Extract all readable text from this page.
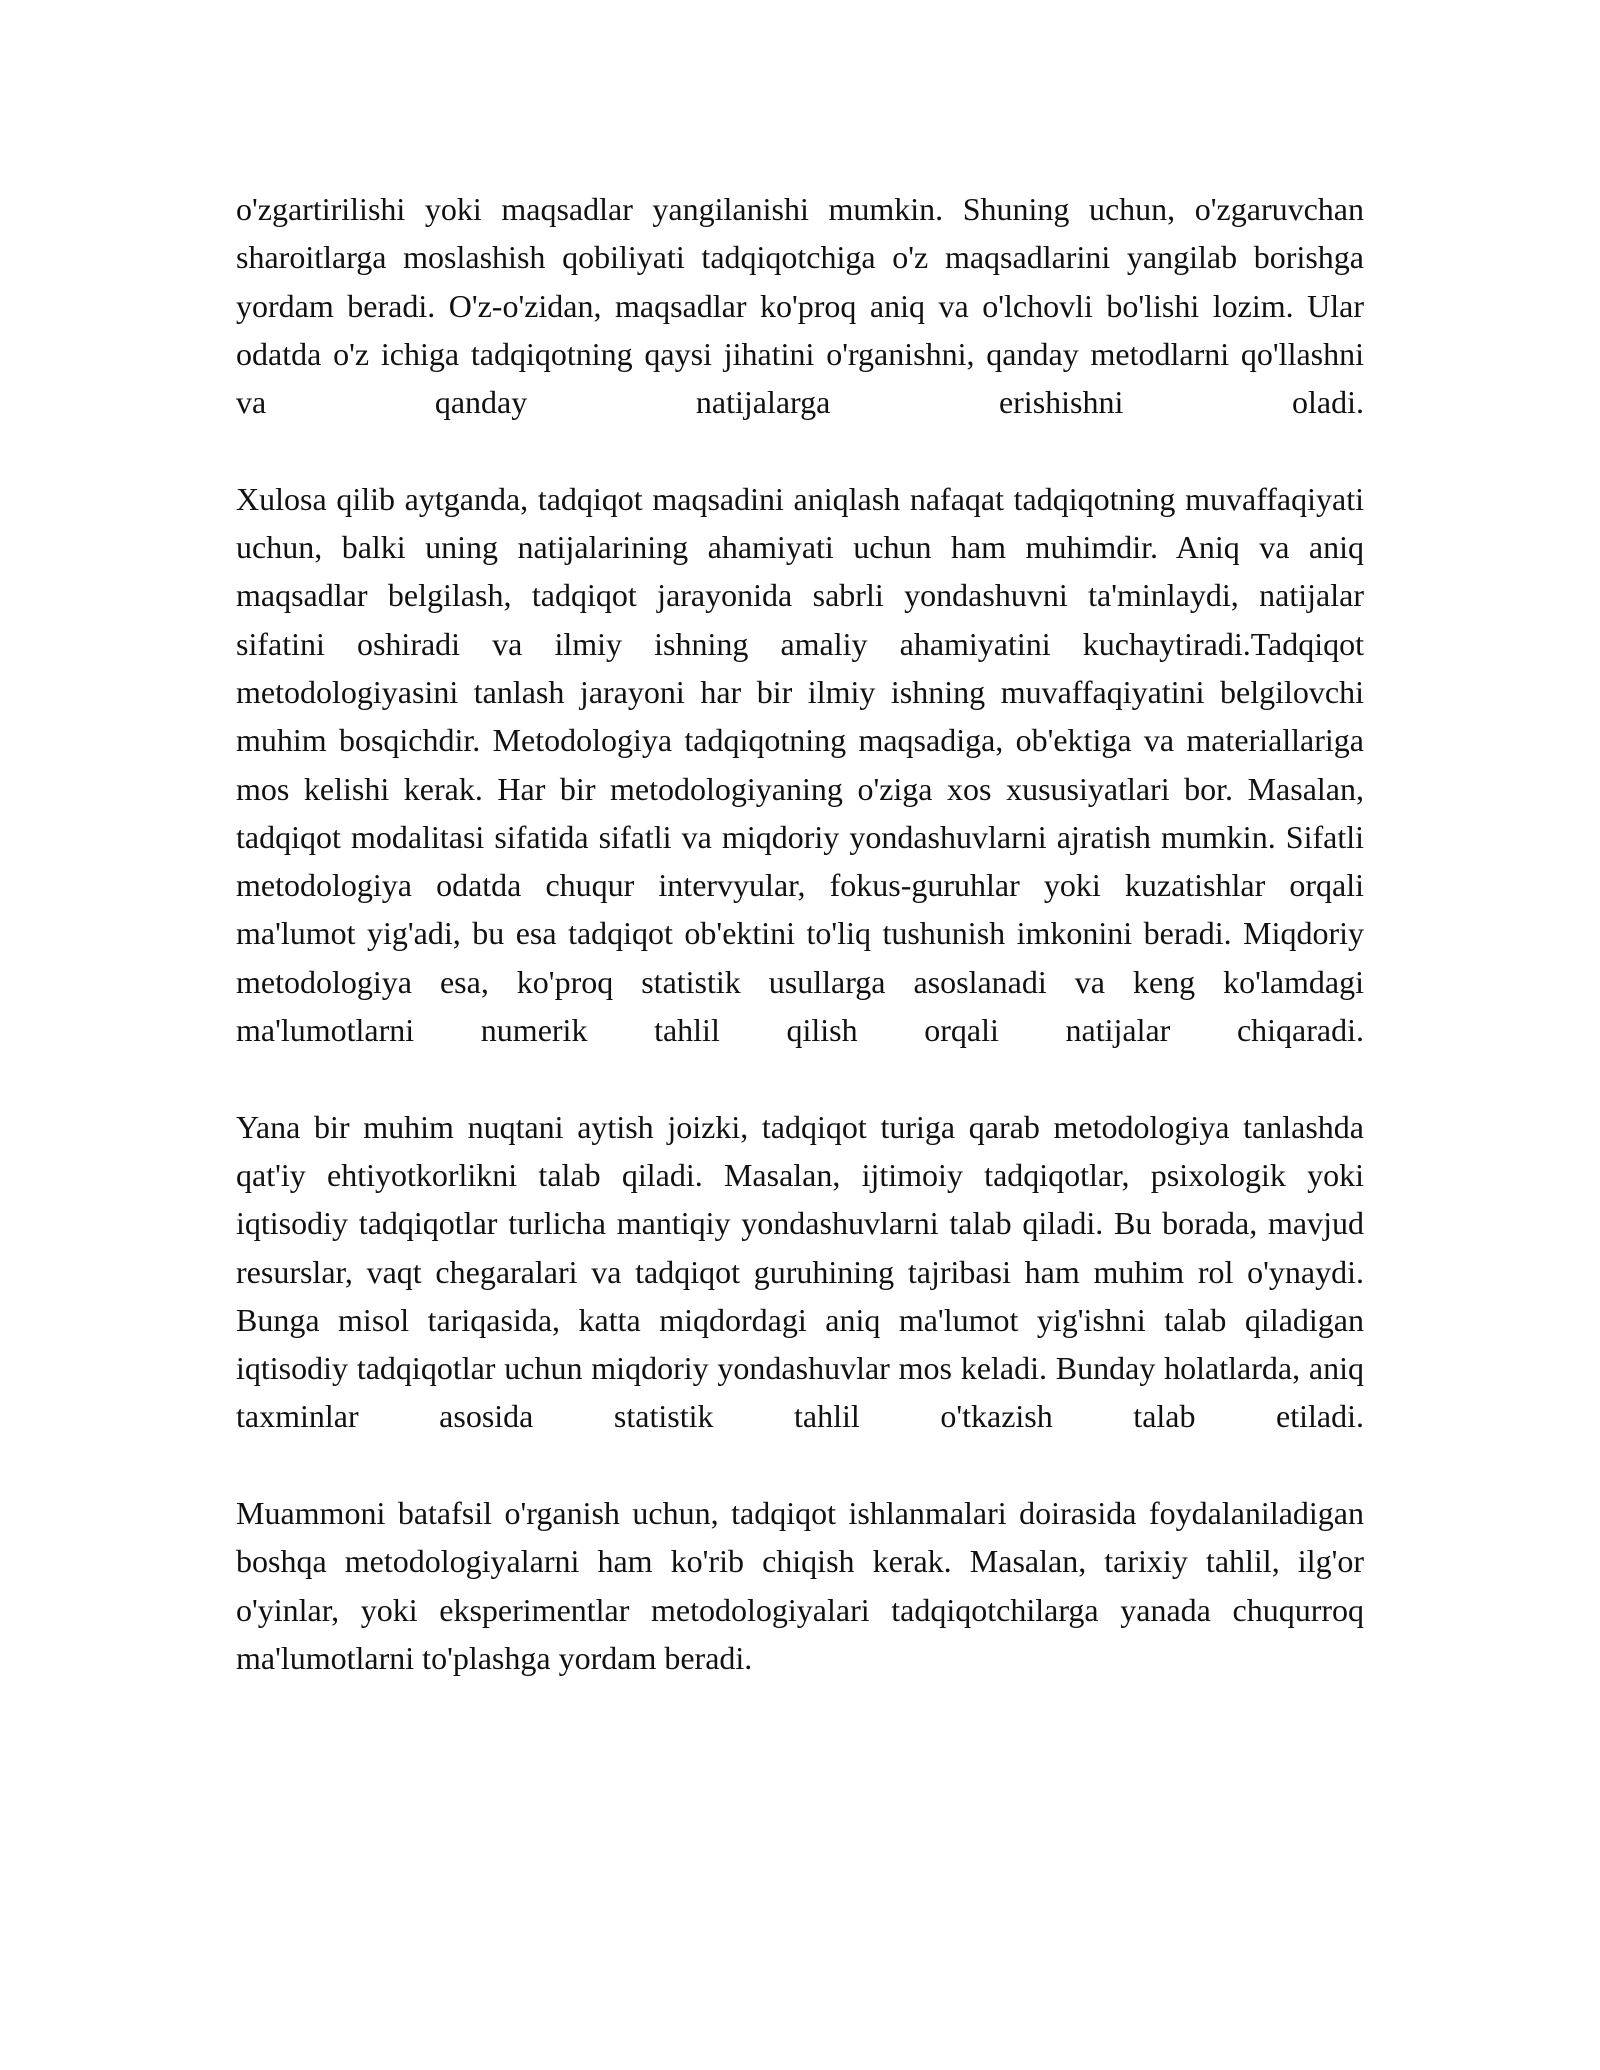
o'zgartirilishi yoki maqsadlar yangilanishi mumkin. Shuning uchun, o'zgaruvchan sharoitlarga moslashish qobiliyati tadqiqotchiga o'z maqsadlarini yangilab borishga yordam beradi. O'z-o'zidan, maqsadlar ko'proq aniq va o'lchovli bo'lishi lozim. Ular odatda o'z ichiga tadqiqotning qaysi jihatini o'rganishni, qanday metodlarni qo'llashni va qanday natijalarga erishishni oladi.

Xulosa qilib aytganda, tadqiqot maqsadini aniqlash nafaqat tadqiqotning muvaffaqiyati uchun, balki uning natijalarining ahamiyati uchun ham muhimdir. Aniq va aniq maqsadlar belgilash, tadqiqot jarayonida sabrli yondashuvni ta'minlaydi, natijalar sifatini oshiradi va ilmiy ishning amaliy ahamiyatini kuchaytiradi.Tadqiqot metodologiyasini tanlash jarayoni har bir ilmiy ishning muvaffaqiyatini belgilovchi muhim bosqichdir. Metodologiya tadqiqotning maqsadiga, ob'ektiga va materiallariga mos kelishi kerak. Har bir metodologiyaning o'ziga xos xususiyatlari bor. Masalan, tadqiqot modalitasi sifatida sifatli va miqdoriy yondashuvlarni ajratish mumkin. Sifatli metodologiya odatda chuqur intervyular, fokus-guruhlar yoki kuzatishlar orqali ma'lumot yig'adi, bu esa tadqiqot ob'ektini to'liq tushunish imkonini beradi. Miqdoriy metodologiya esa, ko'proq statistik usullarga asoslanadi va keng ko'lamdagi ma'lumotlarni numerik tahlil qilish orqali natijalar chiqaradi.

Yana bir muhim nuqtani aytish joizki, tadqiqot turiga qarab metodologiya tanlashda qat'iy ehtiyotkorlikni talab qiladi. Masalan, ijtimoiy tadqiqotlar, psixologik yoki iqtisodiy tadqiqotlar turlicha mantiqiy yondashuvlarni talab qiladi. Bu borada, mavjud resurslar, vaqt chegaralari va tadqiqot guruhining tajribasi ham muhim rol o'ynaydi. Bunga misol tariqasida, katta miqdordagi aniq ma'lumot yig'ishni talab qiladigan iqtisodiy tadqiqotlar uchun miqdoriy yondashuvlar mos keladi. Bunday holatlarda, aniq taxminlar asosida statistik tahlil o'tkazish talab etiladi.

Muammoni batafsil o'rganish uchun, tadqiqot ishlanmalari doirasida foydalaniladigan boshqa metodologiyalarni ham ko'rib chiqish kerak. Masalan, tarixiy tahlil, ilg'or o'yinlar, yoki eksperimentlar metodologiyalari tadqiqotchilarga yanada chuqurroq ma'lumotlarni to'plashga yordam beradi.
